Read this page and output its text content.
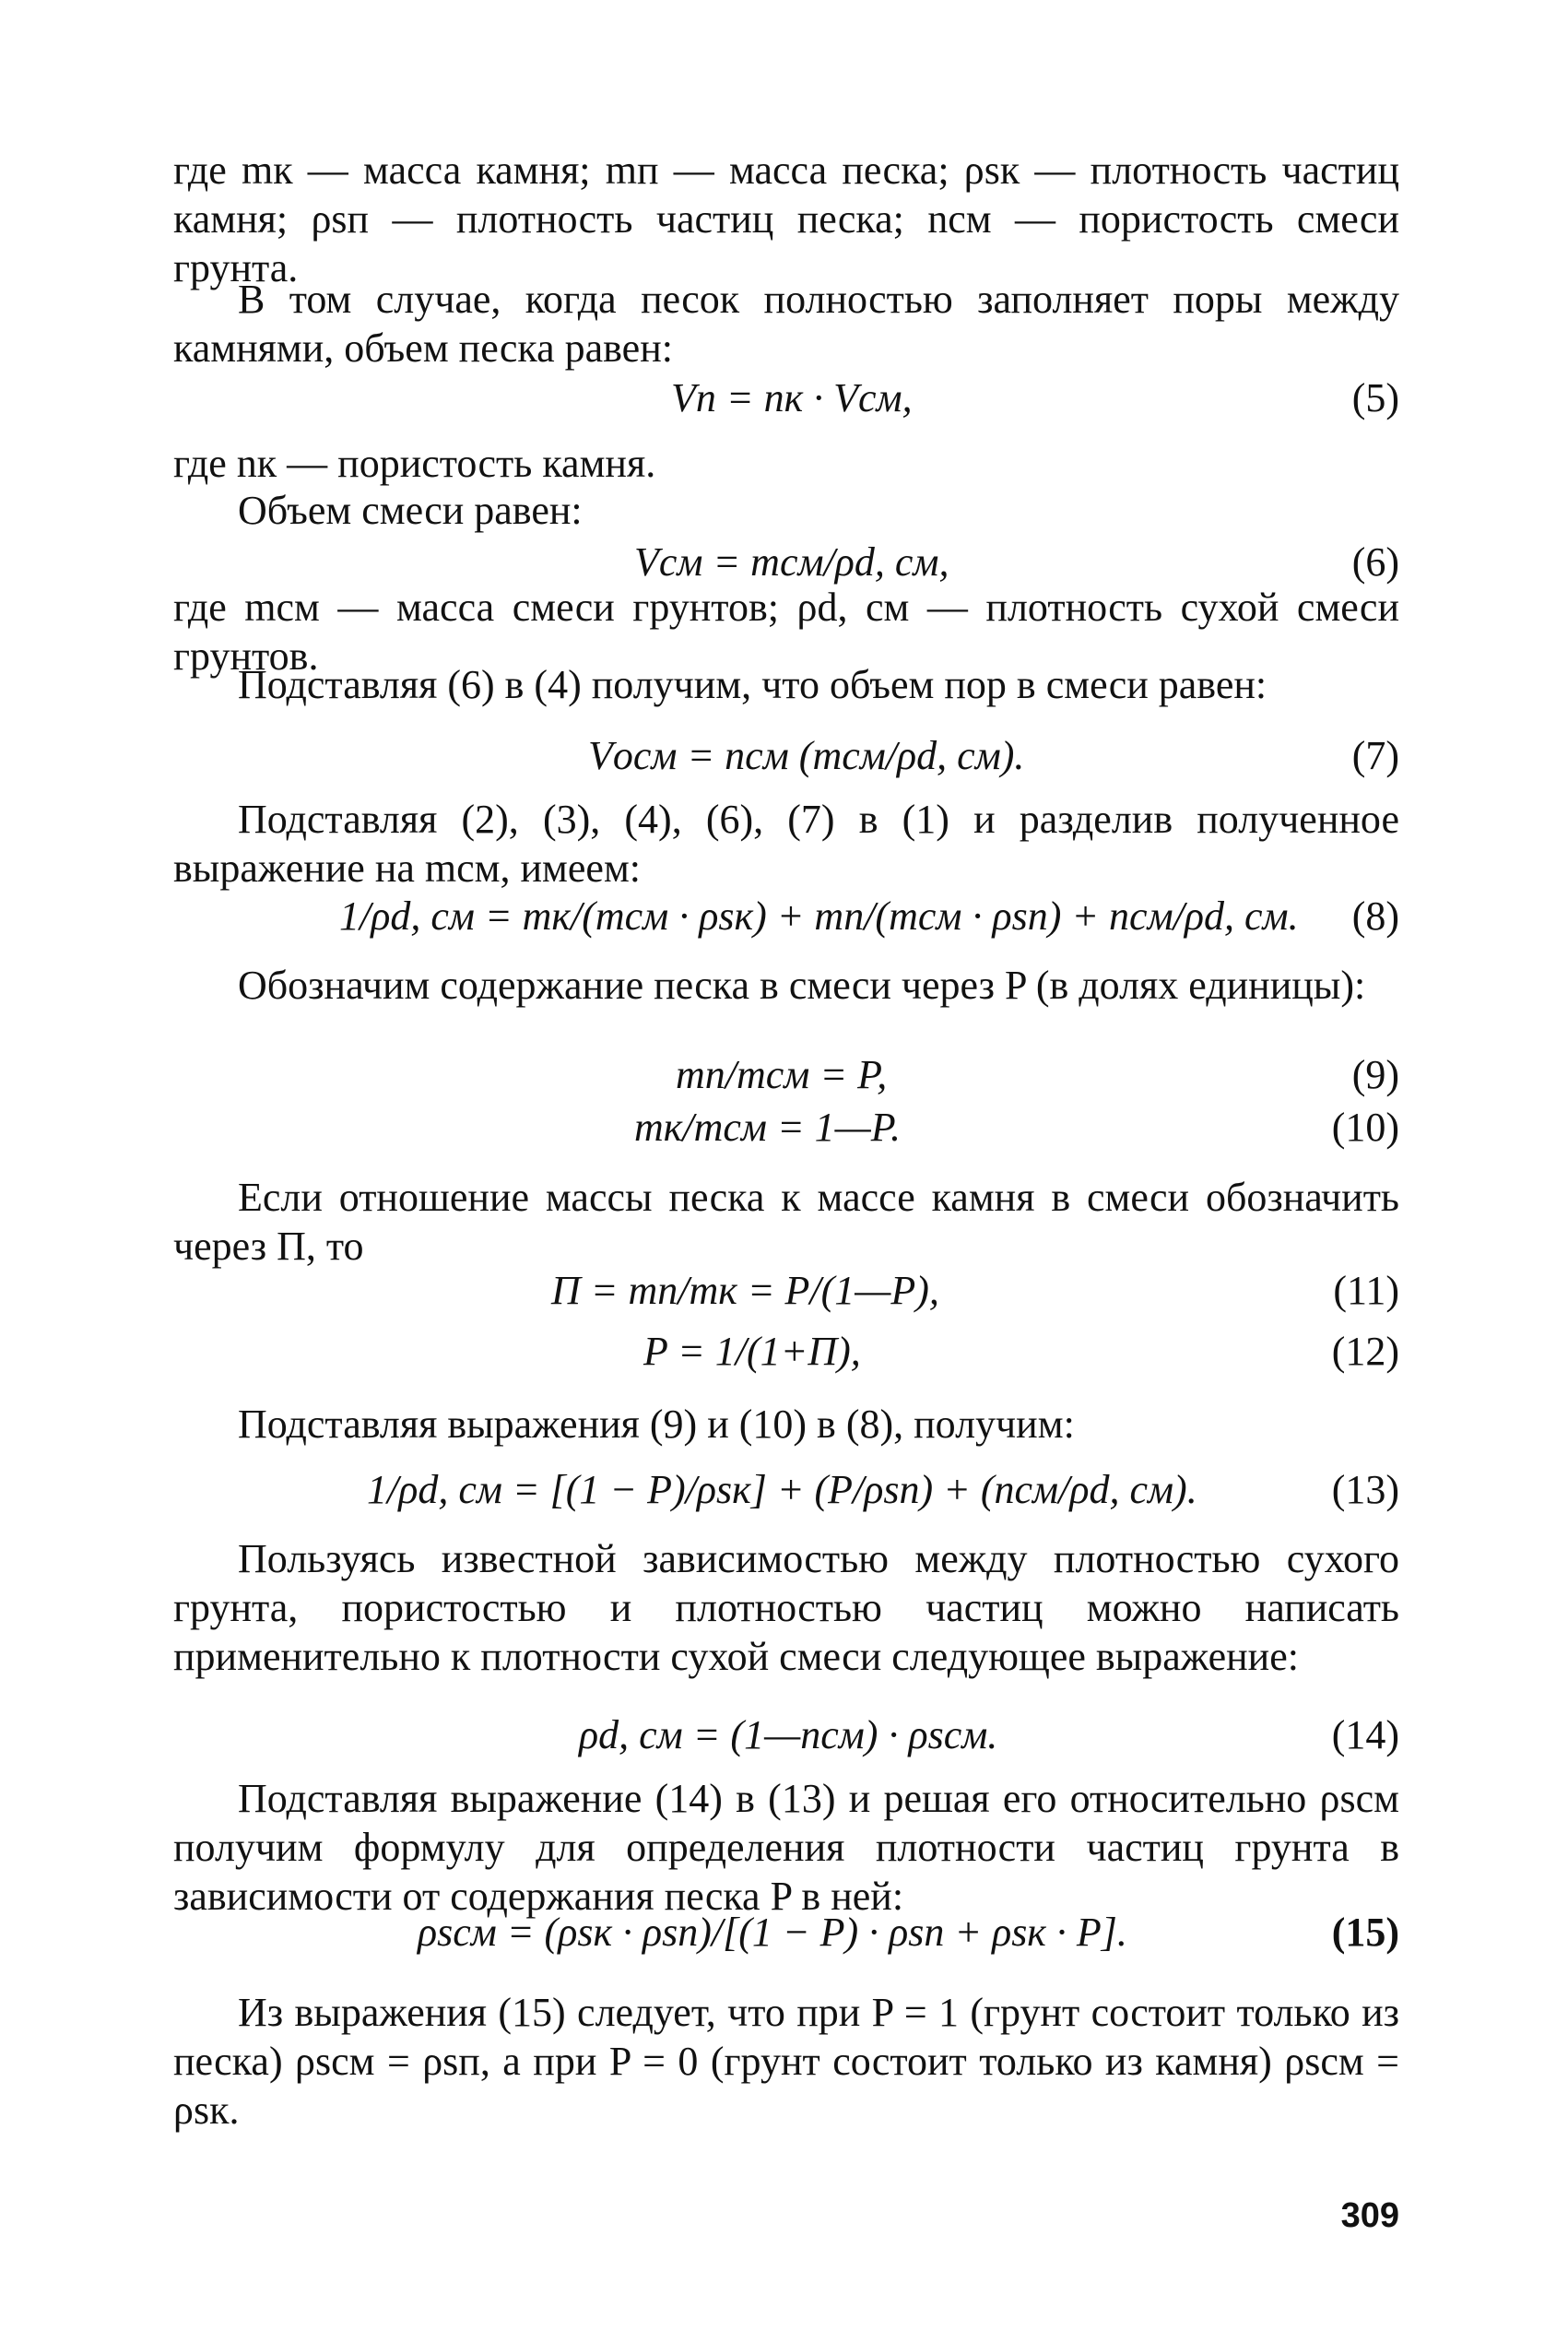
где mк — масса камня; mп — масса песка; ρsк — плотность частиц камня; ρsп — плотность частиц песка; nсм — пористость смеси грунта.

В том случае, когда песок полностью заполняет поры между камнями, объем песка равен:

Vп = nк · Vсм,	(5)

где nк — пористость камня.

Объем смеси равен:

Vсм = mсм/ρd, см,	(6)

где mсм — масса смеси грунтов; ρd, см — плотность сухой смеси грунтов.

Подставляя (6) в (4) получим, что объем пор в смеси равен:

Vосм = nсм (mсм/ρd, см).	(7)

Подставляя (2), (3), (4), (6), (7) в (1) и разделив полученное выражение на mсм, имеем:

1/ρd, см = mк/(mсм · ρsк) + mп/(mсм · ρsп) + nсм/ρd, см. (8)

Обозначим содержание песка в смеси через P (в долях единицы):

mп/mсм = P,	(9)
mк/mсм = 1—P.	(10)

Если отношение массы песка к массе камня в смеси обозначить через П, то

П = mп/mк = P/(1—P),	(11)
P = 1/(1+П),	(12)

Подставляя выражения (9) и (10) в (8), получим:

1/ρd, см = [(1 − P)/ρsк] + (P/ρsп) + (nсм/ρd, см).	(13)

Пользуясь известной зависимостью между плотностью сухого грунта, пористостью и плотностью частиц можно написать применительно к плотности сухой смеси следующее выражение:

ρd, см = (1—nсм) · ρsсм.	(14)

Подставляя выражение (14) в (13) и решая его относительно ρsсм получим формулу для определения плотности частиц грунта в зависимости от содержания песка P в ней:

ρsсм = (ρsк · ρsп)/[(1 − P) · ρsп + ρsк · P].	(15)

Из выражения (15) следует, что при P = 1 (грунт состоит только из песка) ρsсм = ρsп, а при P = 0 (грунт состоит только из камня) ρsсм = ρsк.

309
